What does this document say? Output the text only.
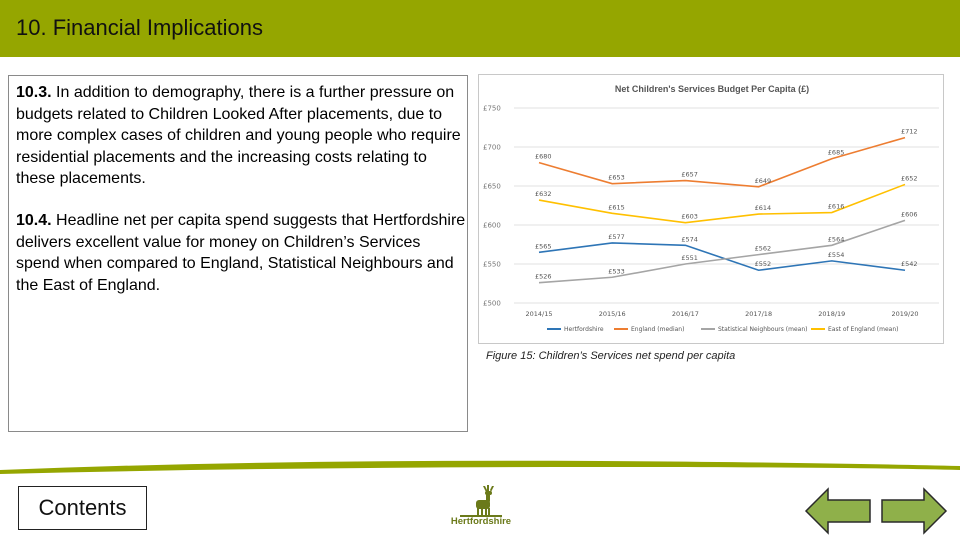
10. Financial Implications
10.3. In addition to demography, there is a further pressure on budgets related to Children Looked After placements, due to more complex cases of children and young people who require residential placements and the increasing costs relating to these placements.
10.4. Headline net per capita spend suggests that Hertfordshire delivers excellent value for money on Children’s Services spend when compared to England, Statistical Neighbours and the East of England.
Net Children's Services Budget Per Capita (£)
£750
£700
£650
£600
£550
£500
2014/15	2015/16	2016/17	2017/18	2018/19	2019/20
£565
£577	£574
£552
£554
£542
£680
£653	£657
£649
£685
£712
£526
£533
£551
£562
£564
£606
£632
£615
£603
£614	£616
£652
Hertfordshire	England (median)	Statistical Neighbours (mean)	East of England (mean)
Figure 15: Children’s Services net spend per capita
Contents
Hertfordshire
